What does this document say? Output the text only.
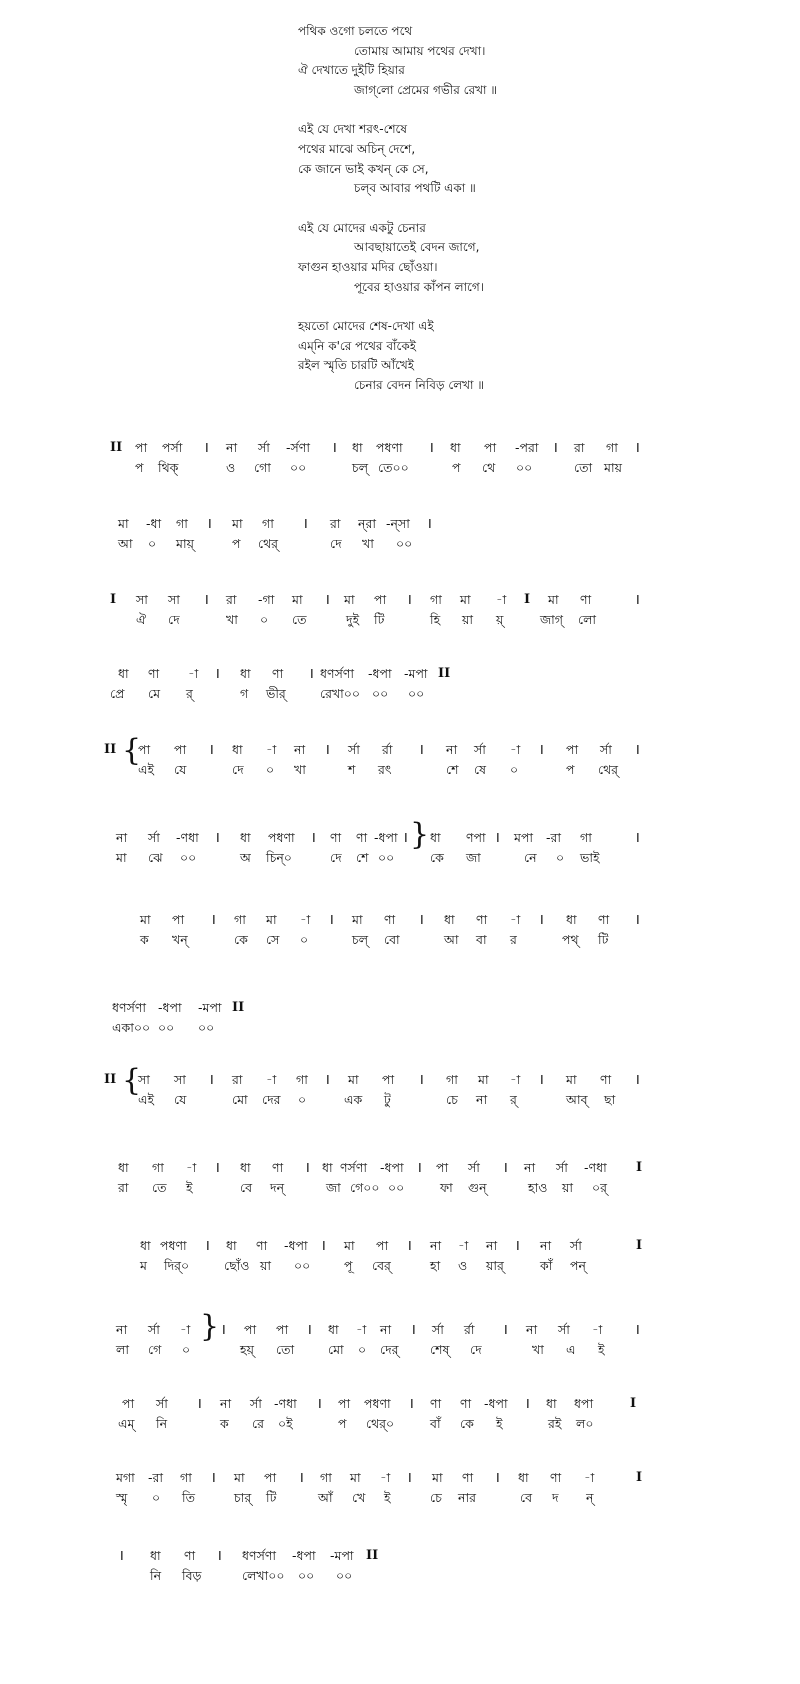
পথিক ওগো চলতে পথে
তোমায় আমায় পথের দেখা।
ঐ দেখাতে দুইটি হিয়ার
জাগ্‌লো প্রেমের গভীর রেখা ॥
এই যে দেখা শরৎ-শেষে
পথের মাঝে অচিন্‌ দেশে,
কে জানে ভাই কখন্‌ কে সে,
চল্‌ব আবার পথটি একা ॥
এই যে মোদের একটু চেনার
আবছায়াতেই বেদন জাগে,
ফাগুন হাওয়ার মদির ছোঁওয়া।
পূবের হাওয়ার কাঁপন লাগে।
হয়তো মোদের শেষ-দেখা এই
এম্‌নি ক'রে পথের বাঁকেই
রইল স্মৃতি চারটি আঁখেই
চেনার বেদন নিবিড় লেখা ॥
II পা পর্সা I না র্সা -র্সণা I ধা পধণা I ধা পা -পরা I রা গা I
প থিক্‌	ও গো ০০	চল্‌ তে০০	প থে ০০	তো মায়
মা -ধা গা I মা গা I রা ন্‌রা -ন্‌সা I
আ ০ মায়্‌	প থের্‌	দে খা ০০
I সা সা I রা -গা মা I মা পা I গা মা -া I মা ণা	I
ঐ দে	খা ০ তে	দুই টি	হি য়া য়্‌	জাগ্‌ লো
ধা ণা -া I ধা ণা I ধণর্সণা -ধপা -মপা II
প্রে মে র্‌	গ ভীর্‌	রেখা০০ ০০ ০০
II পা পা I ধা -া না I র্সা র্রা I না র্সা -া I পা র্সা I
এই যে	দে ০ খা	শ রৎ	শে ষে ০	প থের্‌
{
না র্সা -ণধা I ধা পধণা I ণা ণা -ধপা I ধা ণপা I মপা -রা গা	I
মা ঝে ০০	অ চিন্‌০	দে শে ০০	কে জা	নে ০ ভাই
}
মা পা I গা মা -া I মা ণা I ধা ণা -া I ধা ণা I
ক খন্‌	কে সে ০	চল্‌ বো	আ বা র	পথ্‌ টি
ধণর্সণা -ধপা -মপা II
একা০০ ০০ ০০
II সা সা I রা -া গা I মা পা I গা মা -া I মা ণা I
এই যে	মো দের ০	এক টু	চে না র্‌	আব্‌ ছা
{
ধা গা -া I ধা ণা I ধা ণর্সণা -ধপা I পা র্সা I না র্সা -ণধা I
রা তে ই	বে দন্‌	জা গে০০ ০০	ফা গুন্‌	হাও য়া ০র্‌
ধা পধণা I ধা ণা -ধপা I মা পা I না -া না I না র্সা	I
ম দির্‌০	ছোঁও য়া ০০	পূ বের্‌	হা ও য়ার্‌	কাঁ পন্‌
না র্সা -া	I পা পা I ধা -া না I র্সা র্রা I না র্সা -া	I
লা গে ০	হয়্‌ তো	মো ০ দের্‌	শেষ্‌ দে	খা এ ই
}
পা র্সা I না র্সা -ণধা I পা পধণা I ণা ণা -ধপা I ধা ধপা	I
এম্‌ নি	ক রে ০ই	প থের্‌০	বাঁ কে ই	রই ল০
মগা -রা গা I মা পা I গা মা -া I মা ণা I ধা ণা -া	I
স্মৃ ০ তি	চার্‌ টি	আঁ খে ই	চে নার	বে দ ন্‌
I ধা ণা I ধণর্সণা -ধপা -মপা II
নি বিড়	লেখা০০ ০০ ০০
